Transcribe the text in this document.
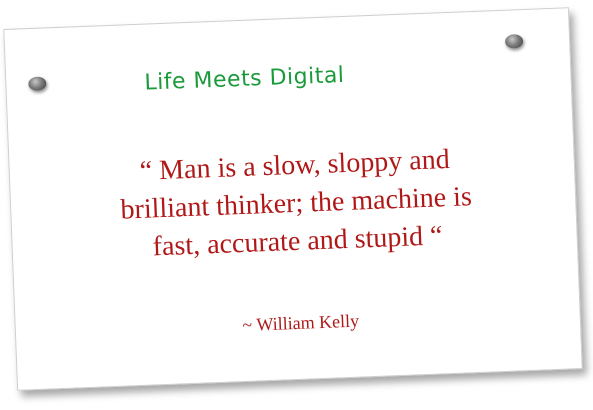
Life Meets Digital
“ Man is a slow, sloppy and
brilliant thinker; the machine is
fast, accurate and stupid “
~ William Kelly
